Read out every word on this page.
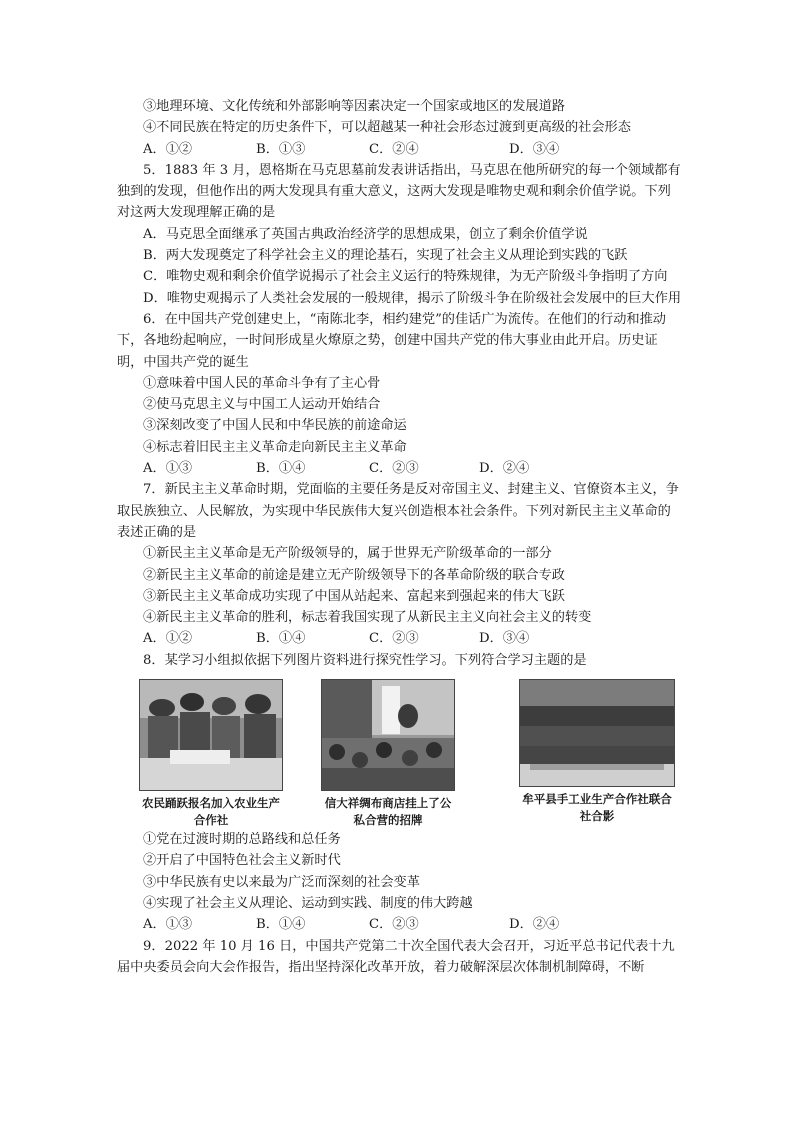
③地理环境、文化传统和外部影响等因素决定一个国家或地区的发展道路
④不同民族在特定的历史条件下，可以超越某一种社会形态过渡到更高级的社会形态
A．①②	B．①③	C．②④	D．③④
5．1883 年 3 月，恩格斯在马克思墓前发表讲话指出，马克思在他所研究的每一个领域都有独到的发现，但他作出的两大发现具有重大意义，这两大发现是唯物史观和剩余价值学说。下列对这两大发现理解正确的是
A．马克思全面继承了英国古典政治经济学的思想成果，创立了剩余价值学说
B．两大发现奠定了科学社会主义的理论基石，实现了社会主义从理论到实践的飞跃
C．唯物史观和剩余价值学说揭示了社会主义运行的特殊规律，为无产阶级斗争指明了方向
D．唯物史观揭示了人类社会发展的一般规律，揭示了阶级斗争在阶级社会发展中的巨大作用
6．在中国共产党创建史上，“南陈北李，相约建党”的佳话广为流传。在他们的行动和推动下，各地纷起响应，一时间形成星火燎原之势，创建中国共产党的伟大事业由此开启。历史证明，中国共产党的诞生
①意味着中国人民的革命斗争有了主心骨
②使马克思主义与中国工人运动开始结合
③深刻改变了中国人民和中华民族的前途命运
④标志着旧民主主义革命走向新民主主义革命
A．①③	B．①④	C．②③	D．②④
7．新民主主义革命时期，党面临的主要任务是反对帝国主义、封建主义、官僚资本主义，争取民族独立、人民解放，为实现中华民族伟大复兴创造根本社会条件。下列对新民主主义革命的表述正确的是
①新民主主义革命是无产阶级领导的，属于世界无产阶级革命的一部分
②新民主主义革命的前途是建立无产阶级领导下的各革命阶级的联合专政
③新民主主义革命成功实现了中国从站起来、富起来到强起来的伟大飞跃
④新民主主义革命的胜利，标志着我国实现了从新民主主义向社会主义的转变
A．①②	B．①④	C．②③	D．③④
8．某学习小组拟依据下列图片资料进行探究性学习。下列符合学习主题的是
农民踊跃报名加入农业生产合作社
信大祥绸布商店挂上了公私合营的招牌
牟平县手工业生产合作社联合社合影
①党在过渡时期的总路线和总任务
②开启了中国特色社会主义新时代
③中华民族有史以来最为广泛而深刻的社会变革
④实现了社会主义从理论、运动到实践、制度的伟大跨越
A．①③	B．①④	C．②③	D．②④
9．2022 年 10 月 16 日，中国共产党第二十次全国代表大会召开，习近平总书记代表十九届中央委员会向大会作报告，指出坚持深化改革开放，着力破解深层次体制机制障碍，不断
